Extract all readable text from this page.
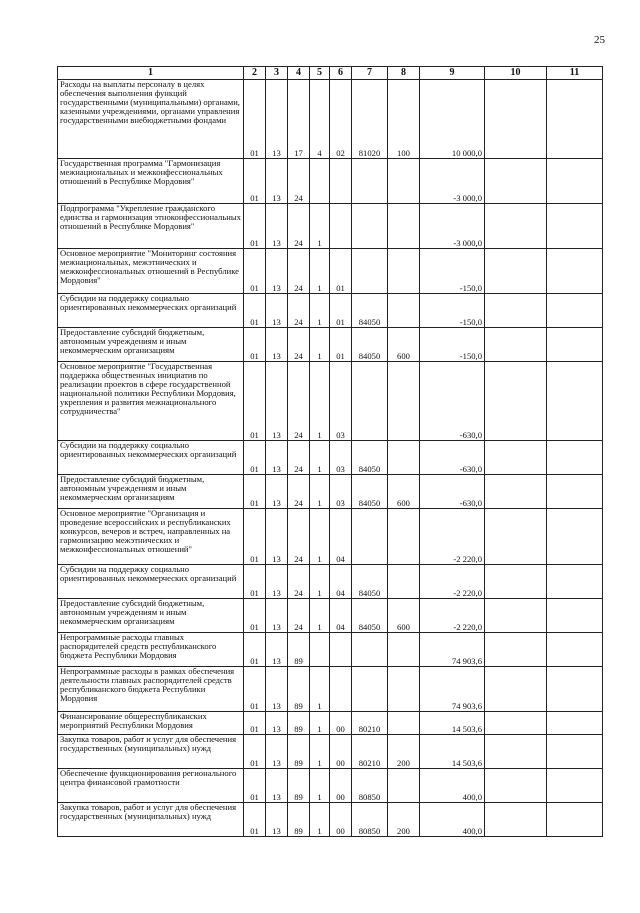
25
1	2	3	4	5	6	7	8	9	10	11
Расходы на выплаты персоналу в целях обеспечения выполнения функций государственными (муниципальными) органами, казенными учреждениями, органами управления государственными внебюджетными фондами	01	13	17	4	02	81020	100	10 000,0		
Государственная программа "Гармонизация межнациональных и межконфессиональных отношений в Республике Мордовия"	01	13	24					-3 000,0		
Подпрограмма "Укрепление гражданского единства и гармонизация этноконфессиональных отношений в Республике Мордовия"	01	13	24	1				-3 000,0		
Основное мероприятие "Мониторинг состояния межнациональных, межэтнических и межконфессиональных отношений в Республике Мордовия"	01	13	24	1	01			-150,0		
Субсидии на поддержку социально ориентированных некоммерческих организаций	01	13	24	1	01	84050		-150,0		
Предоставление субсидий бюджетным, автономным учреждениям и иным некоммерческим организациям	01	13	24	1	01	84050	600	-150,0		
Основное мероприятие "Государственная поддержка общественных инициатив по реализации проектов в сфере государственной национальной политики Республики Мордовия, укрепления и развития межнационального сотрудничества"	01	13	24	1	03			-630,0		
Субсидии на поддержку социально ориентированных некоммерческих организаций	01	13	24	1	03	84050		-630,0		
Предоставление субсидий бюджетным, автономным учреждениям и иным некоммерческим организациям	01	13	24	1	03	84050	600	-630,0		
Основное мероприятие "Организация и проведение всероссийских и республиканских конкурсов, вечеров и встреч, направленных на гармонизацию межэтнических и межконфессиональных отношений"	01	13	24	1	04			-2 220,0		
Субсидии на поддержку социально ориентированных некоммерческих организаций	01	13	24	1	04	84050		-2 220,0		
Предоставление субсидий бюджетным, автономным учреждениям и иным некоммерческим организациям	01	13	24	1	04	84050	600	-2 220,0		
Непрограммные расходы главных распорядителей средств республиканского бюджета Республики Мордовия	01	13	89					74 903,6		
Непрограммные расходы в рамках обеспечения деятельности главных распорядителей средств республиканского бюджета Республики Мордовия	01	13	89	1				74 903,6		
Финансирование общереспубликанских мероприятий Республики Мордовия	01	13	89	1	00	80210		14 503,6		
Закупка товаров, работ и услуг для обеспечения государственных (муниципальных) нужд	01	13	89	1	00	80210	200	14 503,6		
Обеспечение функционирования регионального центра финансовой грамотности	01	13	89	1	00	80850		400,0		
Закупка товаров, работ и услуг для обеспечения государственных (муниципальных) нужд	01	13	89	1	00	80850	200	400,0		
